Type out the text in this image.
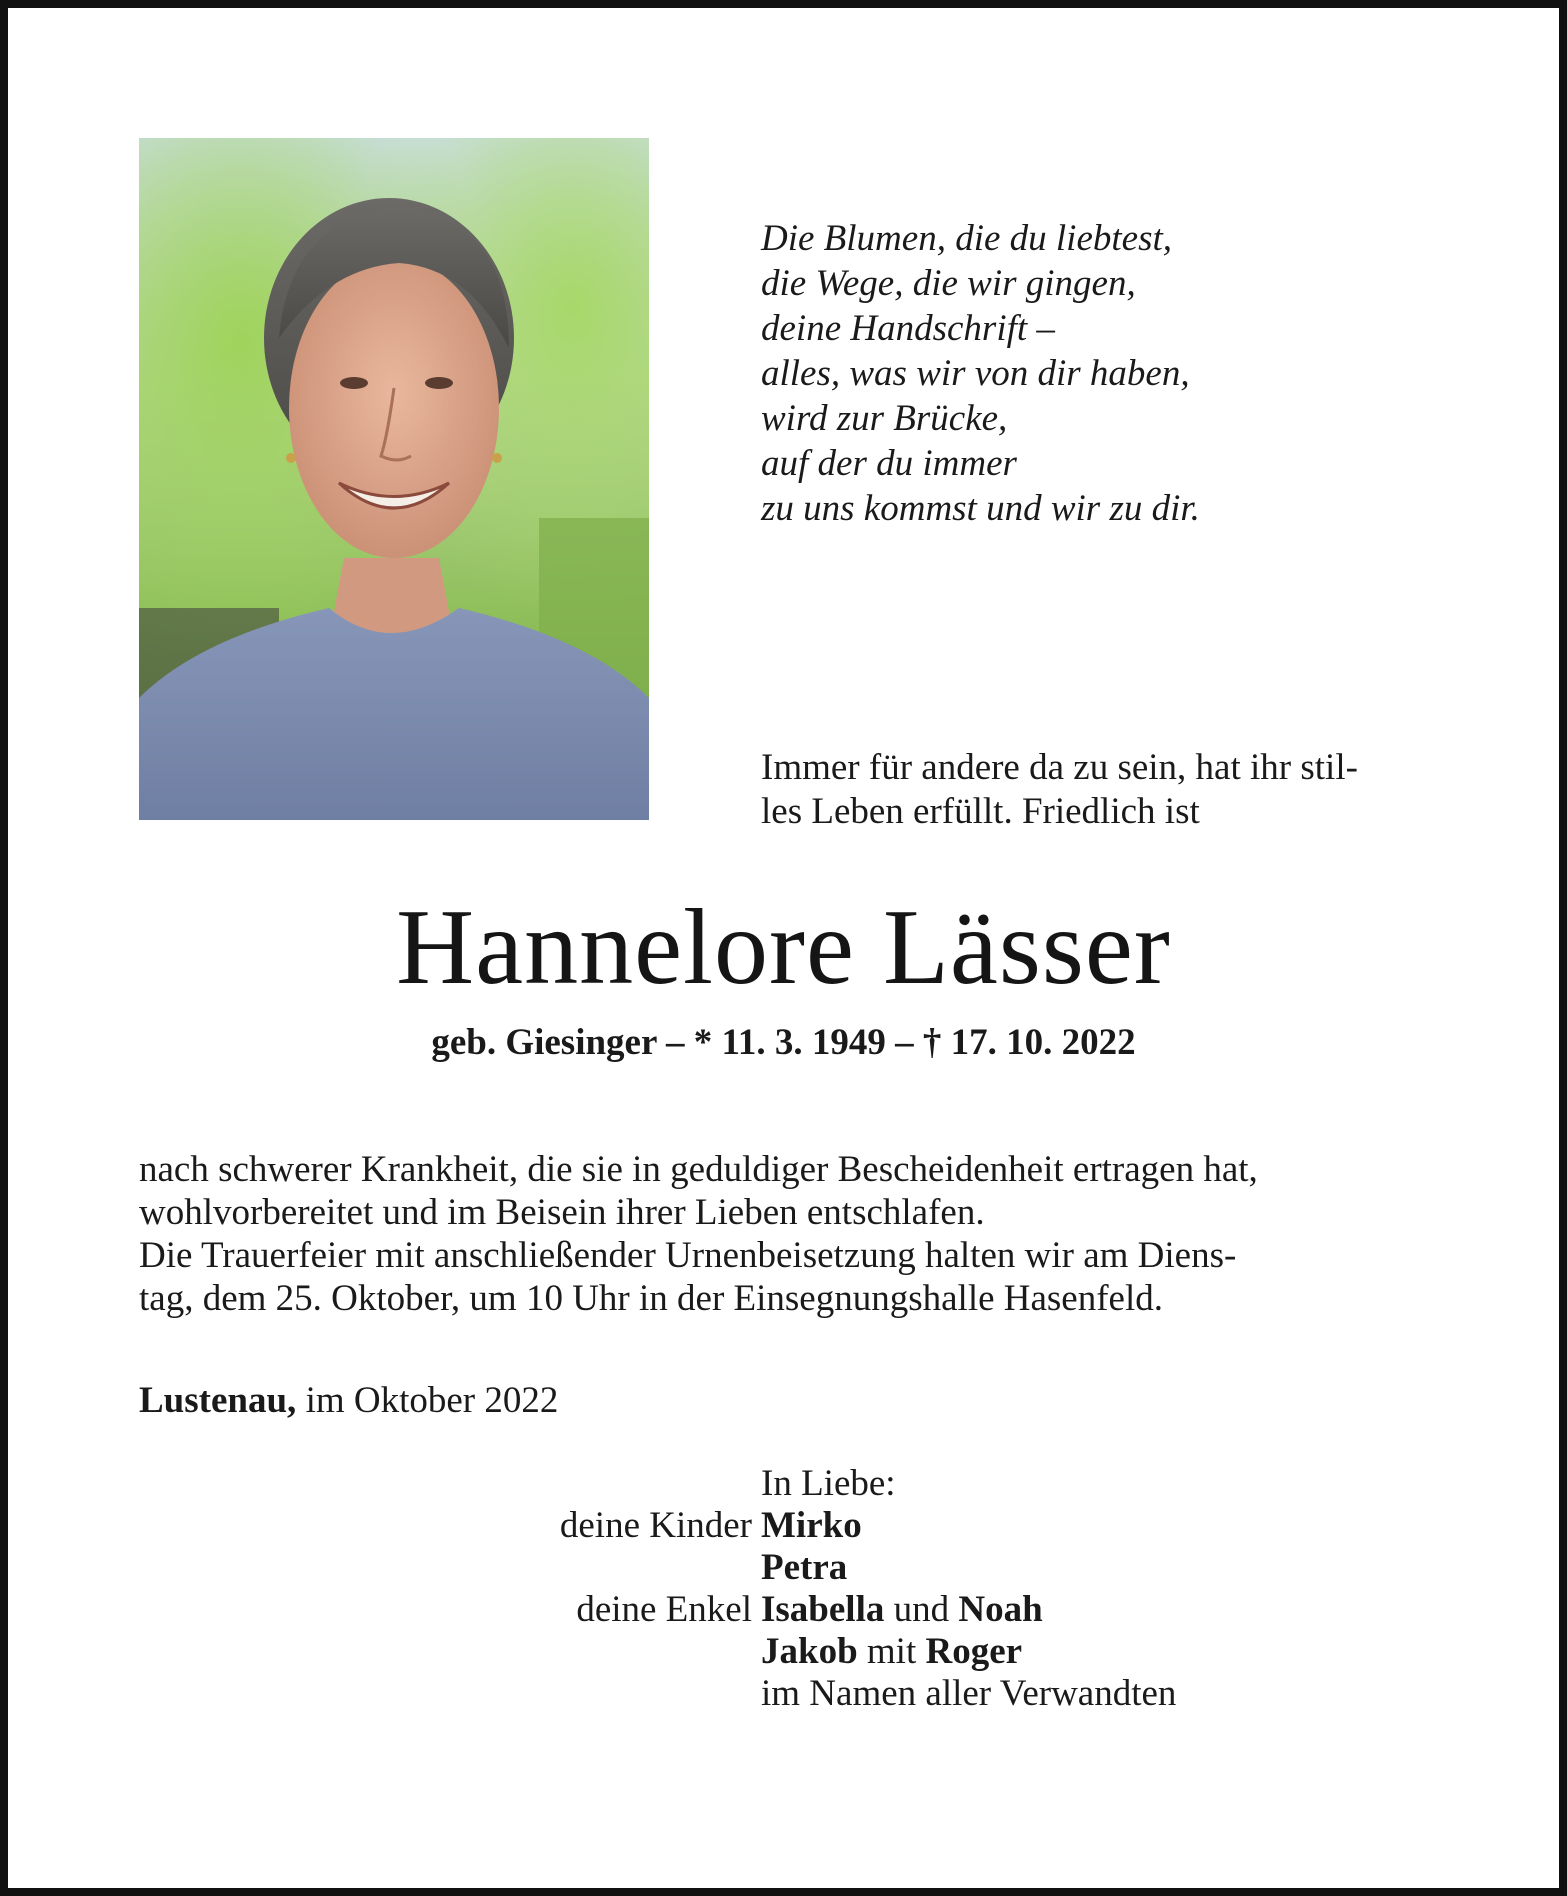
Die Blumen, die du liebtest,
die Wege, die wir gingen,
deine Handschrift –
alles, was wir von dir haben,
wird zur Brücke,
auf der du immer
zu uns kommst und wir zu dir.
Immer für andere da zu sein, hat ihr stil-
les Leben erfüllt. Friedlich ist
Hannelore Lässer
geb. Giesinger – * 11. 3. 1949 – † 17. 10. 2022
nach schwerer Krankheit, die sie in geduldiger Bescheidenheit ertragen hat,
wohlvorbereitet und im Beisein ihrer Lieben entschlafen.
Die Trauerfeier mit anschließender Urnenbeisetzung halten wir am Diens-
tag, dem 25. Oktober, um 10 Uhr in der Einsegnungshalle Hasenfeld.
Lustenau, im Oktober 2022
In Liebe:
deine Kinder Mirko
Petra
deine Enkel Isabella und Noah
Jakob mit Roger
im Namen aller Verwandten
